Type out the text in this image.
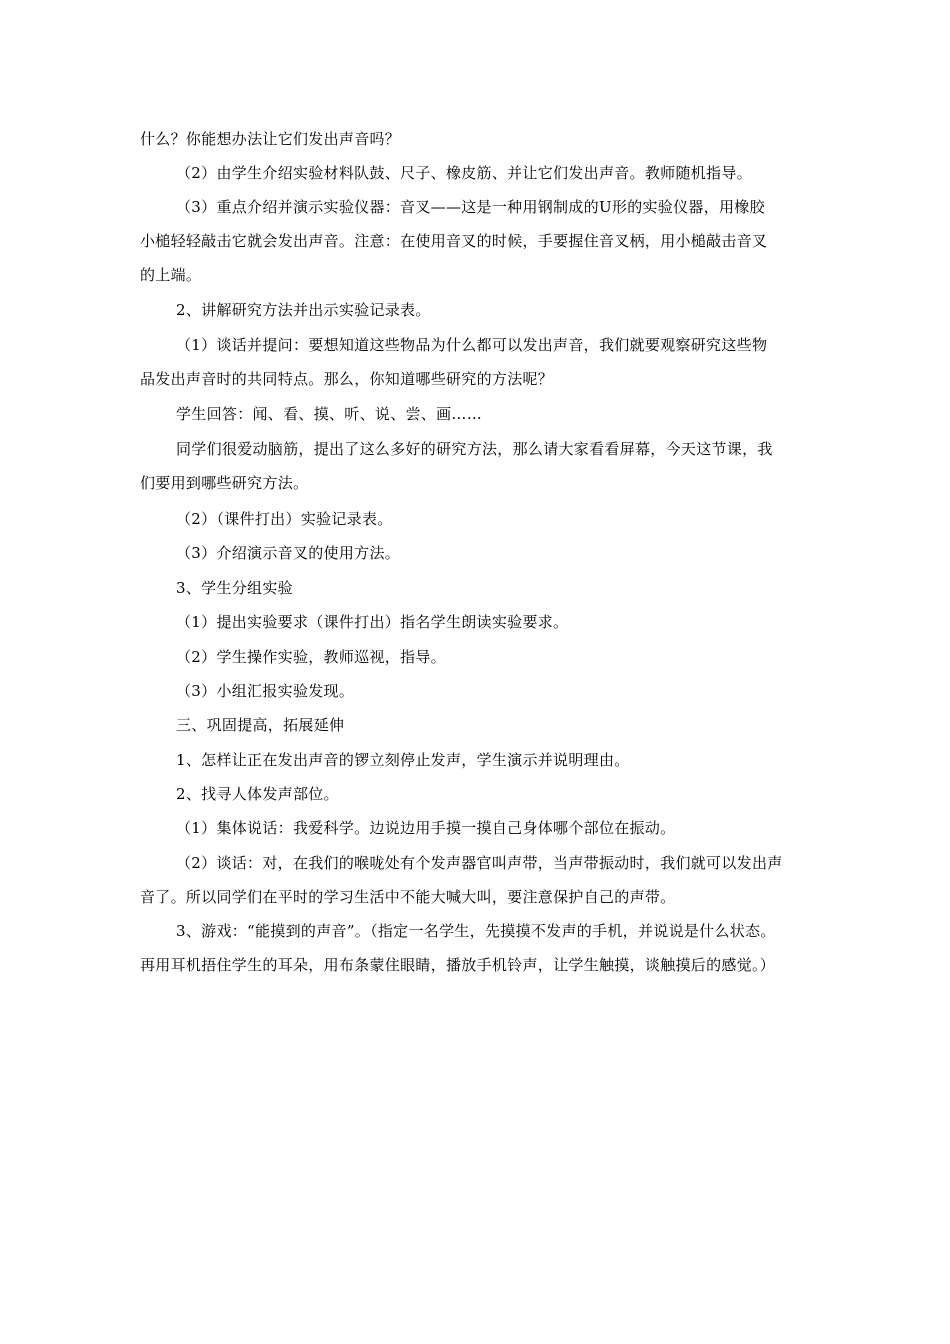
什么？你能想办法让它们发出声音吗？
（2）由学生介绍实验材料队鼓、尺子、橡皮筋、并让它们发出声音。教师随机指导。
（3）重点介绍并演示实验仪器：音叉——这是一种用钢制成的U形的实验仪器，用橡胶
小槌轻轻敲击它就会发出声音。注意：在使用音叉的时候，手要握住音叉柄，用小槌敲击音叉
的上端。
2、讲解研究方法并出示实验记录表。
（1）谈话并提问：要想知道这些物品为什么都可以发出声音，我们就要观察研究这些物
品发出声音时的共同特点。那么，你知道哪些研究的方法呢？
学生回答：闻、看、摸、听、说、尝、画……
同学们很爱动脑筋，提出了这么多好的研究方法，那么请大家看看屏幕，今天这节课，我
们要用到哪些研究方法。
（2）（课件打出）实验记录表。
（3）介绍演示音叉的使用方法。
3、学生分组实验
（1）提出实验要求（课件打出）指名学生朗读实验要求。
（2）学生操作实验，教师巡视，指导。
（3）小组汇报实验发现。
三、巩固提高，拓展延伸
1、怎样让正在发出声音的锣立刻停止发声，学生演示并说明理由。
2、找寻人体发声部位。
（1）集体说话：我爱科学。边说边用手摸一摸自己身体哪个部位在振动。
（2）谈话：对，在我们的喉咙处有个发声器官叫声带，当声带振动时，我们就可以发出声
音了。所以同学们在平时的学习生活中不能大喊大叫，要注意保护自己的声带。
3、游戏：“能摸到的声音”。（指定一名学生，先摸摸不发声的手机，并说说是什么状态。
再用耳机捂住学生的耳朵，用布条蒙住眼睛，播放手机铃声，让学生触摸，谈触摸后的感觉。）
